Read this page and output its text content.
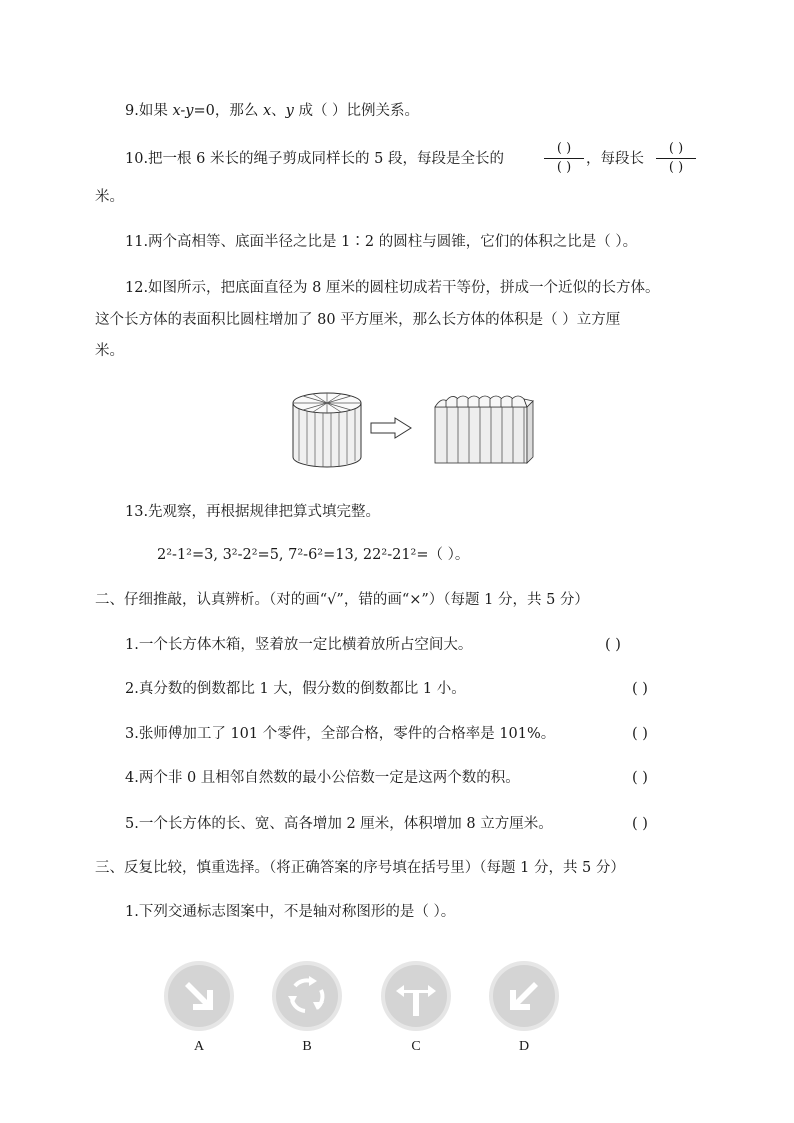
9.如果 x-y=0，那么 x、y 成（ ）比例关系。
10.把一根 6 米长的绳子剪成同样长的 5 段，每段是全长的
( )
( )
，每段长
( )
( )
米。
11.两个高相等、底面半径之比是 1∶2 的圆柱与圆锥，它们的体积之比是（ ）。
12.如图所示，把底面直径为 8 厘米的圆柱切成若干等份，拼成一个近似的长方体。
这个长方体的表面积比圆柱增加了 80 平方厘米，那么长方体的体积是（ ）立方厘
米。
13.先观察，再根据规律把算式填完整。
2²-1²=3, 3²-2²=5, 7²-6²=13, 22²-21²=（ ）。
二、仔细推敲，认真辨析。（对的画“√”，错的画“×”）（每题 1 分，共 5 分）
1.一个长方体木箱，竖着放一定比横着放所占空间大。	( )
2.真分数的倒数都比 1 大，假分数的倒数都比 1 小。	( )
3.张师傅加工了 101 个零件，全部合格，零件的合格率是 101%。	( )
4.两个非 0 且相邻自然数的最小公倍数一定是这两个数的积。	( )
5.一个长方体的长、宽、高各增加 2 厘米，体积增加 8 立方厘米。	( )
三、反复比较，慎重选择。（将正确答案的序号填在括号里）（每题 1 分，共 5 分）
1.下列交通标志图案中，不是轴对称图形的是（ ）。
A	B	C	D
